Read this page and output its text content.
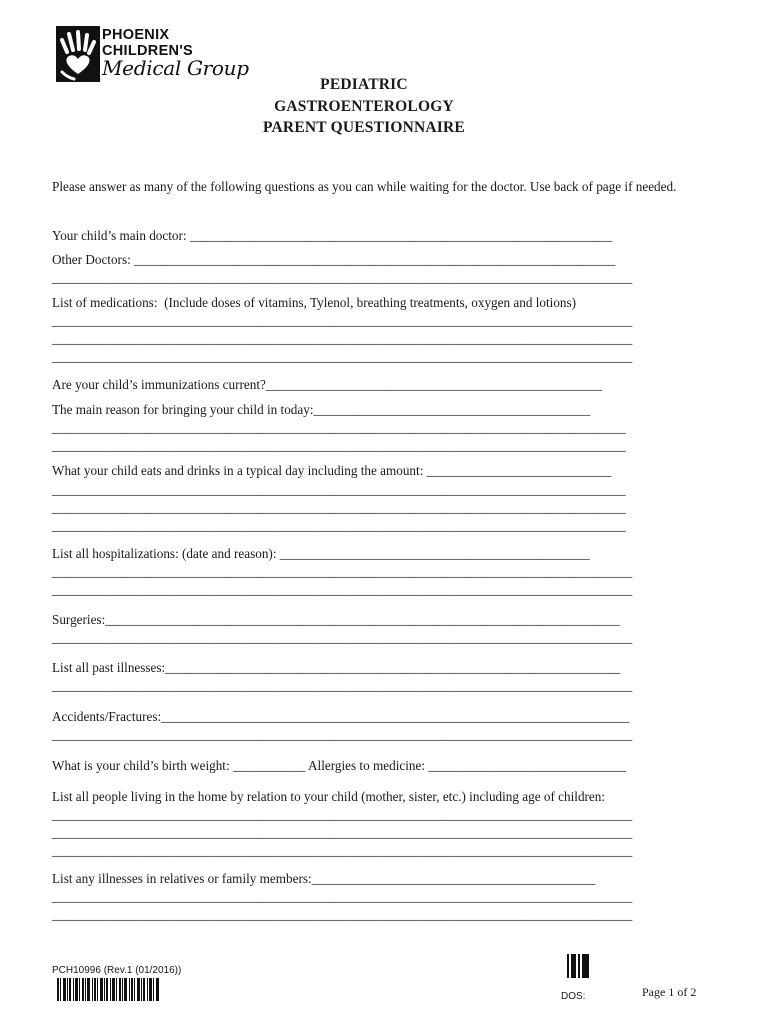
PHOENIX
CHILDREN'S
Medical Group
®	PEDIATRIC
GASTROENTEROLOGY
PARENT QUESTIONNAIRE
Please answer as many of the following questions as you can while waiting for the doctor. Use back of page if needed.
Your child’s main doctor: ________________________________________________________________
Other Doctors: _________________________________________________________________________
________________________________________________________________________________________
List of medications:  (Include doses of vitamins, Tylenol, breathing treatments, oxygen and lotions)
________________________________________________________________________________________
________________________________________________________________________________________
________________________________________________________________________________________
Are your child’s immunizations current?___________________________________________________
The main reason for bringing your child in today:__________________________________________
_______________________________________________________________________________________
_______________________________________________________________________________________
What your child eats and drinks in a typical day including the amount: ____________________________
_______________________________________________________________________________________
_______________________________________________________________________________________
_______________________________________________________________________________________
List all hospitalizations: (date and reason): _______________________________________________
________________________________________________________________________________________
________________________________________________________________________________________
Surgeries:______________________________________________________________________________
________________________________________________________________________________________
List all past illnesses:_____________________________________________________________________
________________________________________________________________________________________
Accidents/Fractures:_______________________________________________________________________
________________________________________________________________________________________
What is your child’s birth weight: ___________ Allergies to medicine: ______________________________
List all people living in the home by relation to your child (mother, sister, etc.) including age of children:
________________________________________________________________________________________
________________________________________________________________________________________
________________________________________________________________________________________
List any illnesses in relatives or family members:___________________________________________
________________________________________________________________________________________
________________________________________________________________________________________
PCH10996 (Rev.1 (01/2016))
DOS:	Page 1 of 2
